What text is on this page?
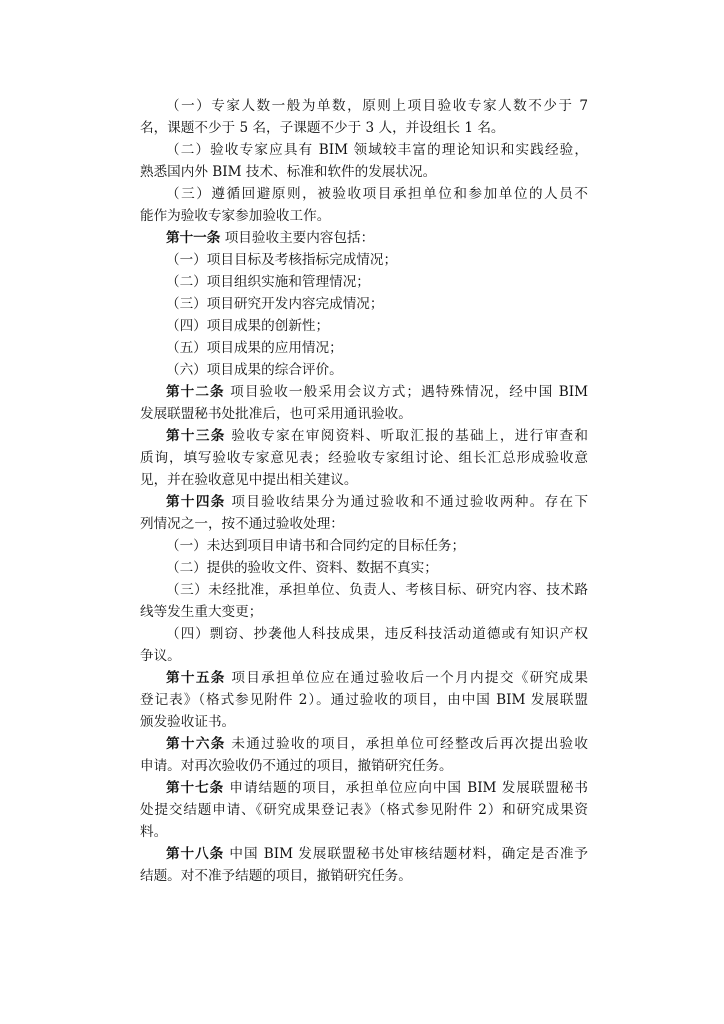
（一）专家人数一般为单数，原则上项目验收专家人数不少于 7
名，课题不少于 5 名，子课题不少于 3 人，并设组长 1 名。
（二）验收专家应具有 BIM 领域较丰富的理论知识和实践经验，
熟悉国内外 BIM 技术、标准和软件的发展状况。
（三）遵循回避原则，被验收项目承担单位和参加单位的人员不
能作为验收专家参加验收工作。
第十一条 项目验收主要内容包括：
（一）项目目标及考核指标完成情况；
（二）项目组织实施和管理情况；
（三）项目研究开发内容完成情况；
（四）项目成果的创新性；
（五）项目成果的应用情况；
（六）项目成果的综合评价。
第十二条 项目验收一般采用会议方式；遇特殊情况，经中国 BIM
发展联盟秘书处批准后，也可采用通讯验收。
第十三条 验收专家在审阅资料、听取汇报的基础上，进行审查和
质询，填写验收专家意见表；经验收专家组讨论、组长汇总形成验收意
见，并在验收意见中提出相关建议。
第十四条 项目验收结果分为通过验收和不通过验收两种。存在下
列情况之一，按不通过验收处理：
（一）未达到项目申请书和合同约定的目标任务；
（二）提供的验收文件、资料、数据不真实；
（三）未经批准，承担单位、负责人、考核目标、研究内容、技术路
线等发生重大变更；
（四）剽窃、抄袭他人科技成果，违反科技活动道德或有知识产权
争议。
第十五条 项目承担单位应在通过验收后一个月内提交《研究成果
登记表》（格式参见附件 2）。通过验收的项目，由中国 BIM 发展联盟
颁发验收证书。
第十六条 未通过验收的项目，承担单位可经整改后再次提出验收
申请。对再次验收仍不通过的项目，撤销研究任务。
第十七条 申请结题的项目，承担单位应向中国 BIM 发展联盟秘书
处提交结题申请、《研究成果登记表》（格式参见附件 2）和研究成果资
料。
第十八条 中国 BIM 发展联盟秘书处审核结题材料，确定是否准予
结题。对不准予结题的项目，撤销研究任务。
